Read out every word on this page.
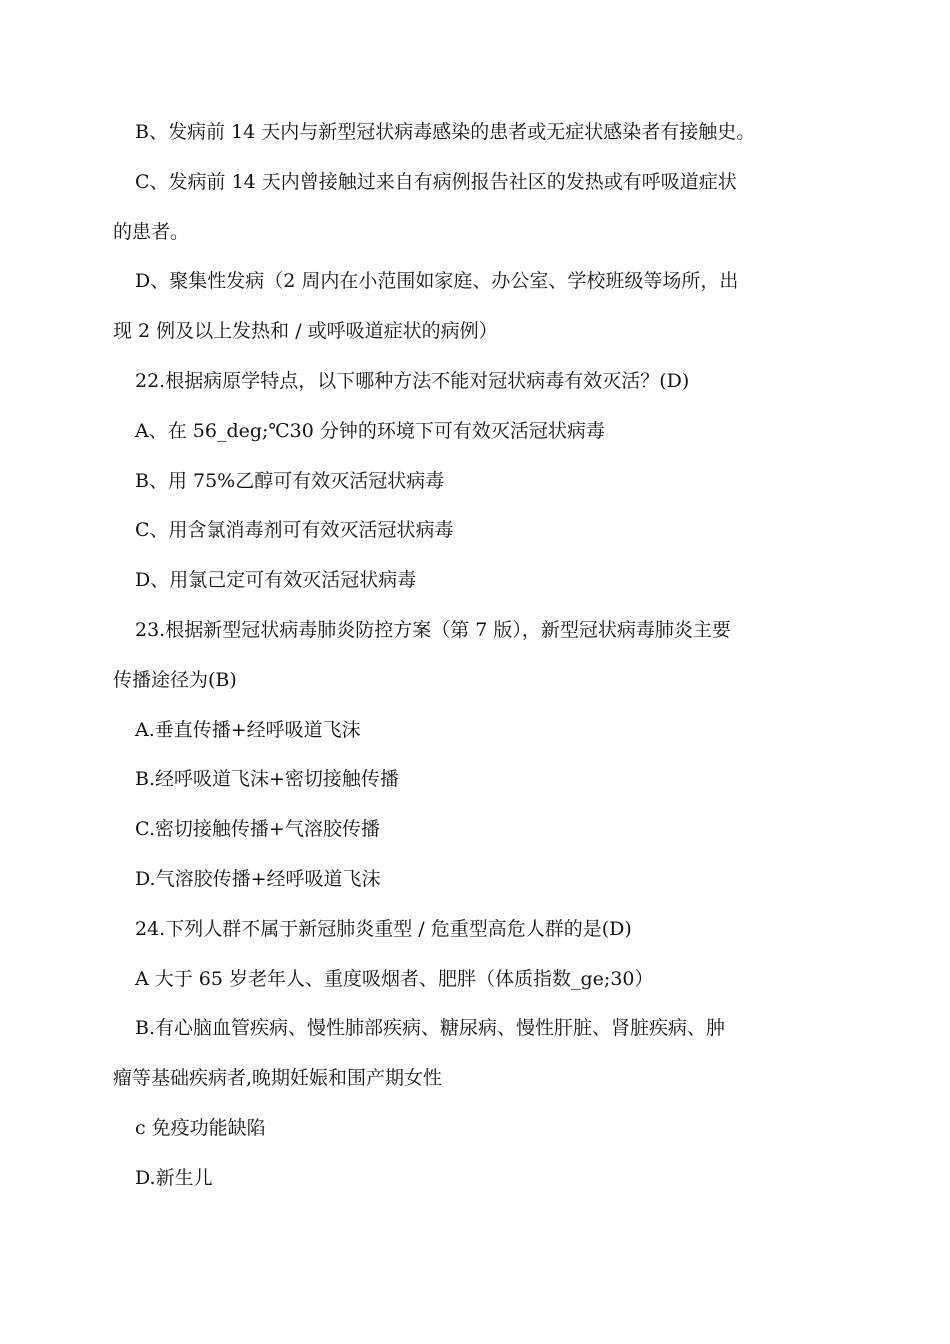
B、发病前 14 天内与新型冠状病毒感染的患者或无症状感染者有接触史。
C、发病前 14 天内曾接触过来自有病例报告社区的发热或有呼吸道症状
的患者。
D、聚集性发病（2 周内在小范围如家庭、办公室、学校班级等场所，出
现 2 例及以上发热和 / 或呼吸道症状的病例）
22.根据病原学特点，以下哪种方法不能对冠状病毒有效灭活？(D)
A、在 56_deg;℃30 分钟的环境下可有效灭活冠状病毒
B、用 75%乙醇可有效灭活冠状病毒
C、用含氯消毒剂可有效灭活冠状病毒
D、用氯己定可有效灭活冠状病毒
23.根据新型冠状病毒肺炎防控方案（第 7 版），新型冠状病毒肺炎主要
传播途径为(B)
A.垂直传播+经呼吸道飞沫
B.经呼吸道飞沫+密切接触传播
C.密切接触传播+气溶胶传播
D.气溶胶传播+经呼吸道飞沫
24.下列人群不属于新冠肺炎重型 / 危重型高危人群的是(D)
A 大于 65 岁老年人、重度吸烟者、肥胖（体质指数_ge;30）
B.有心脑血管疾病、慢性肺部疾病、糖尿病、慢性肝脏、肾脏疾病、肿
瘤等基础疾病者,晚期妊娠和围产期女性
c 免疫功能缺陷
D.新生儿
